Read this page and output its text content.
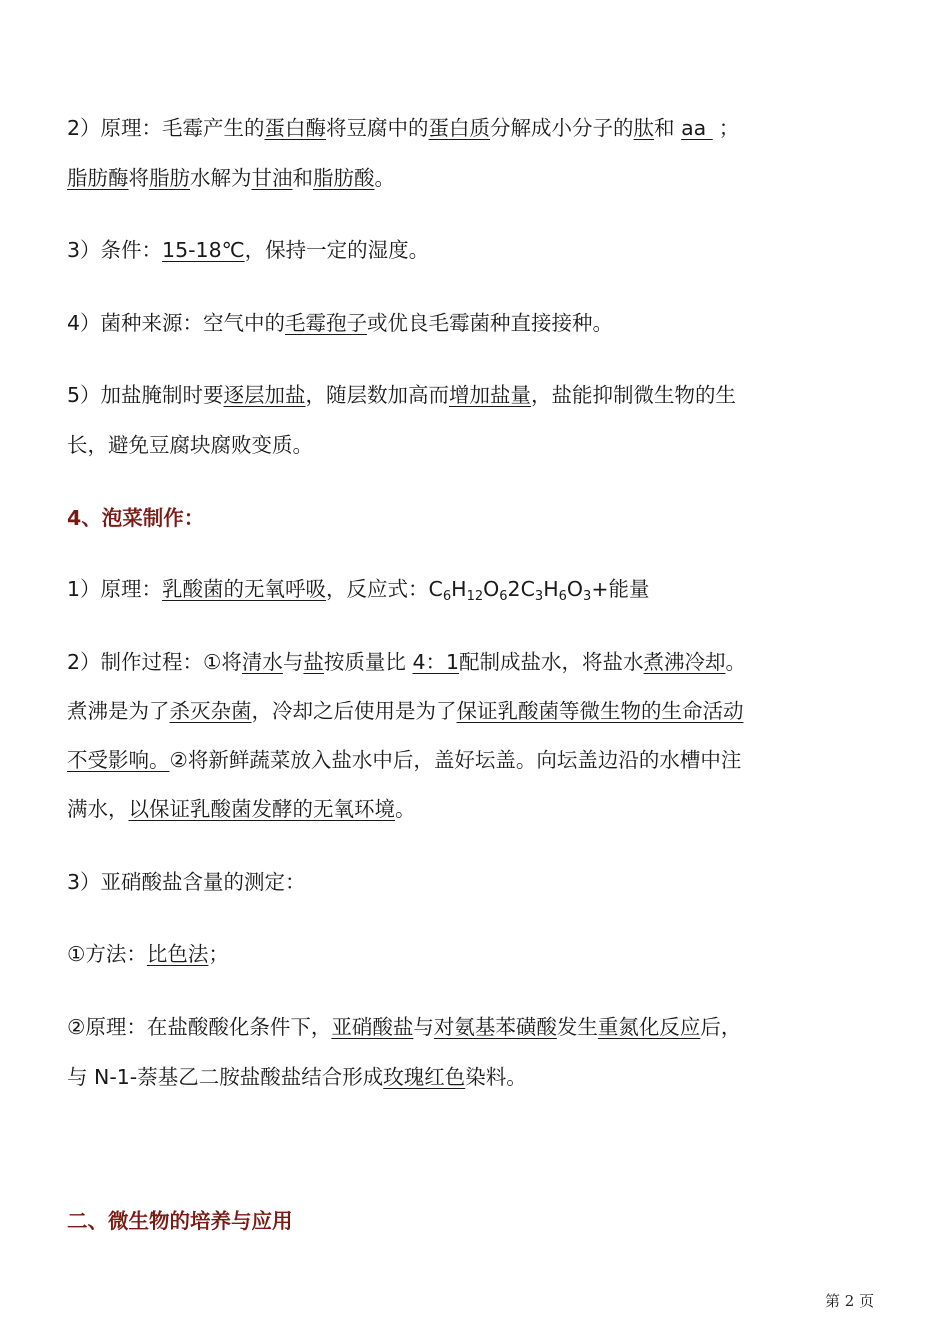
2）原理：毛霉产生的蛋白酶将豆腐中的蛋白质分解成小分子的肽和 aa ；
脂肪酶将脂肪水解为甘油和脂肪酸。
3）条件：15-18℃，保持一定的湿度。
4）菌种来源：空气中的毛霉孢子或优良毛霉菌种直接接种。
5）加盐腌制时要逐层加盐，随层数加高而增加盐量，盐能抑制微生物的生
长，避免豆腐块腐败变质。
4、泡菜制作：
1）原理：乳酸菌的无氧呼吸，反应式：$C_6H_{12}O_62C_3H_6O_3+$能量
2）制作过程：①将清水与盐按质量比 4：1配制成盐水，将盐水煮沸冷却。
煮沸是为了杀灭杂菌，冷却之后使用是为了保证乳酸菌等微生物的生命活动
不受影响。②将新鲜蔬菜放入盐水中后，盖好坛盖。向坛盖边沿的水槽中注
满水，以保证乳酸菌发酵的无氧环境。
3）亚硝酸盐含量的测定：
①方法：比色法；
②原理：在盐酸酸化条件下，亚硝酸盐与对氨基苯磺酸发生重氮化反应后，
与 N-1-萘基乙二胺盐酸盐结合形成玫瑰红色染料。
二、微生物的培养与应用
第 2 页
